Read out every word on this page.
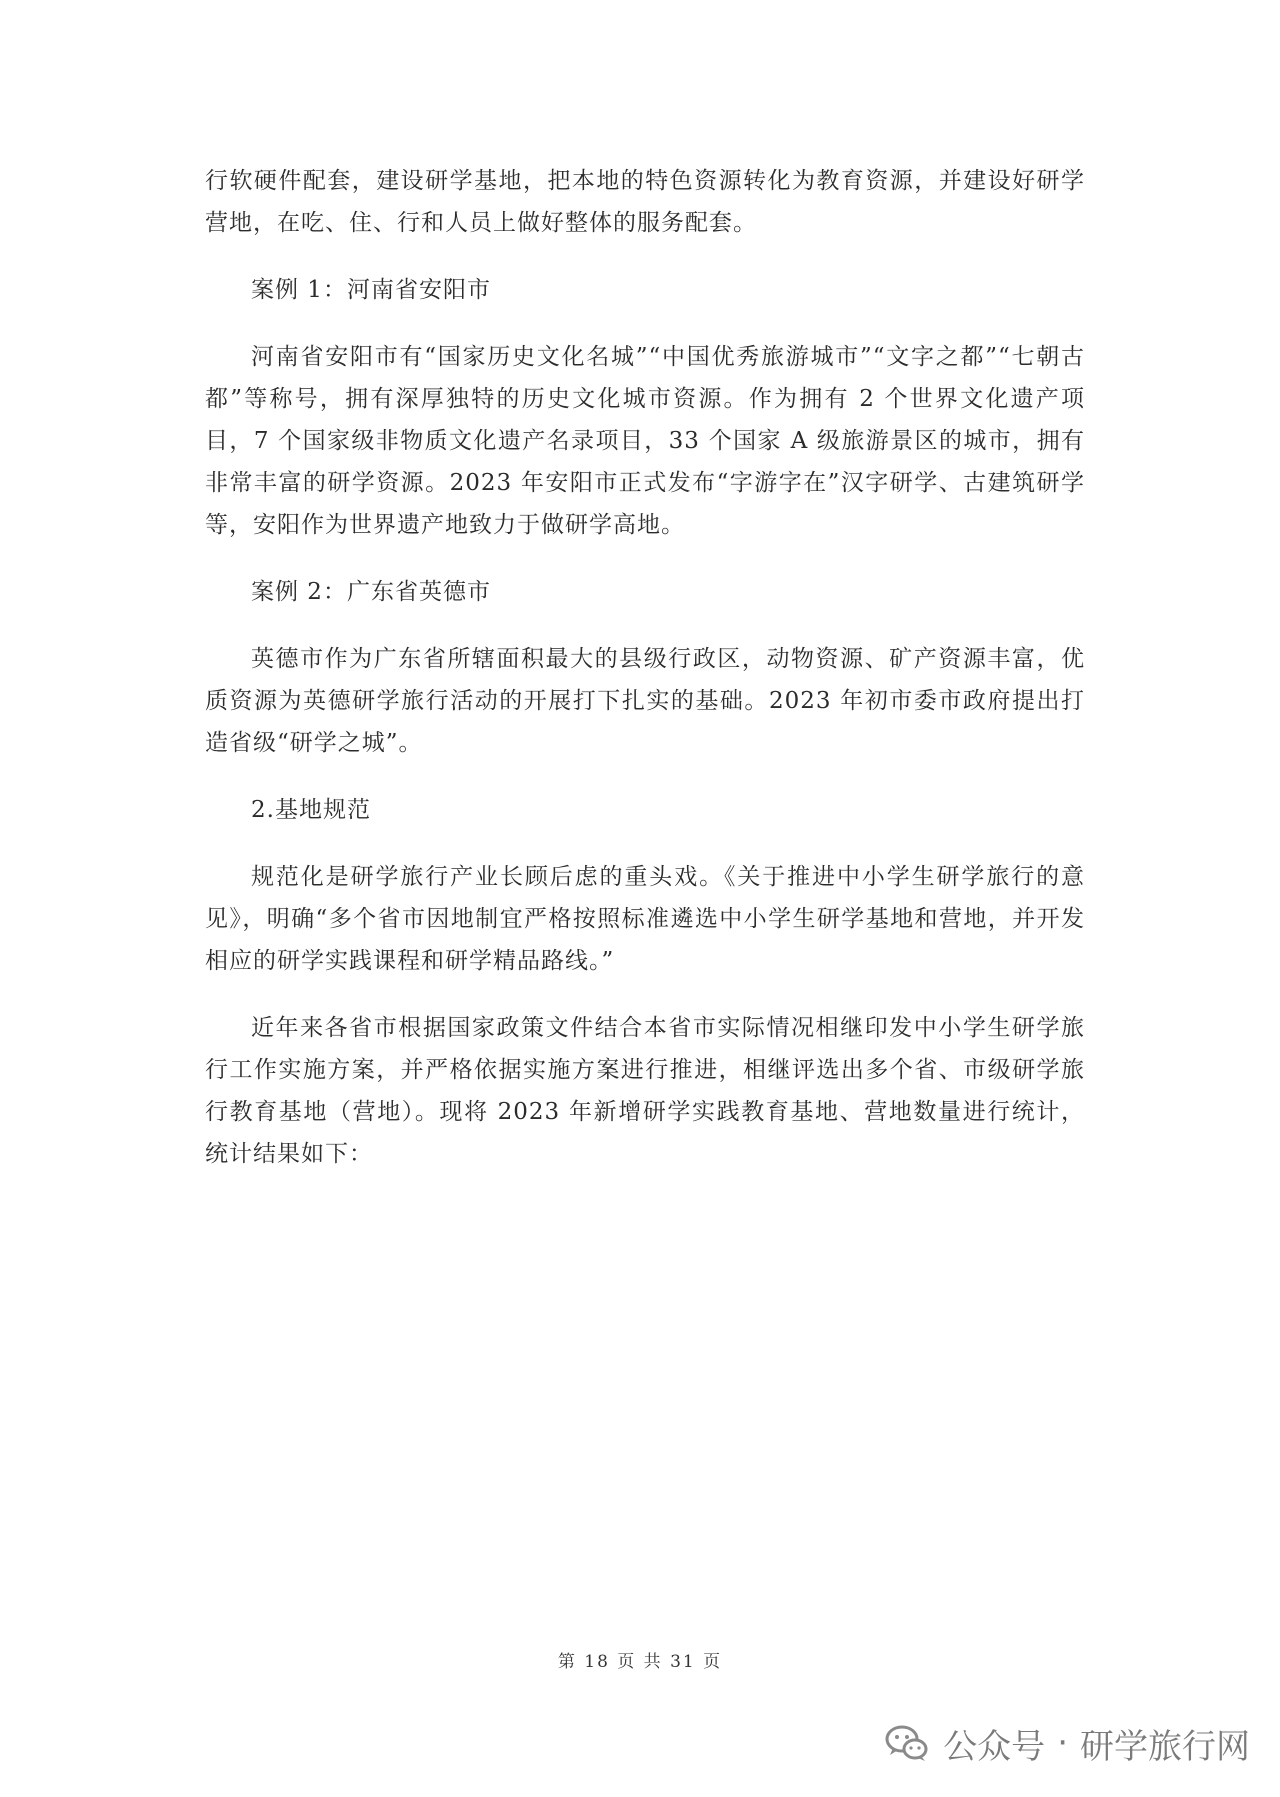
行软硬件配套，建设研学基地，把本地的特色资源转化为教育资源，并建设好研学营地，在吃、住、行和人员上做好整体的服务配套。

案例 1：河南省安阳市

河南省安阳市有“国家历史文化名城”“中国优秀旅游城市”“文字之都”“七朝古都”等称号，拥有深厚独特的历史文化城市资源。作为拥有 2 个世界文化遗产项目，7 个国家级非物质文化遗产名录项目，33 个国家 A 级旅游景区的城市，拥有非常丰富的研学资源。2023 年安阳市正式发布“字游字在”汉字研学、古建筑研学等，安阳作为世界遗产地致力于做研学高地。

案例 2：广东省英德市

英德市作为广东省所辖面积最大的县级行政区，动物资源、矿产资源丰富，优质资源为英德研学旅行活动的开展打下扎实的基础。2023 年初市委市政府提出打造省级“研学之城”。

2.基地规范

规范化是研学旅行产业长顾后虑的重头戏。《关于推进中小学生研学旅行的意见》，明确“多个省市因地制宜严格按照标准遴选中小学生研学基地和营地，并开发相应的研学实践课程和研学精品路线。”

近年来各省市根据国家政策文件结合本省市实际情况相继印发中小学生研学旅行工作实施方案，并严格依据实施方案进行推进，相继评选出多个省、市级研学旅行教育基地（营地）。现将 2023 年新增研学实践教育基地、营地数量进行统计，统计结果如下：

第 18 页 共 31 页
公众号 · 研学旅行网
